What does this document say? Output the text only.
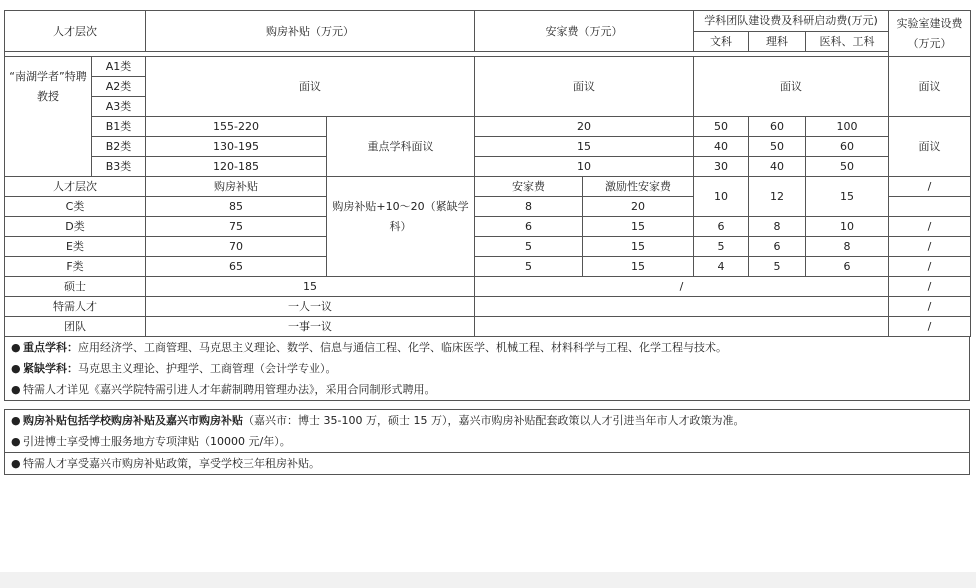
人才层次		购房补贴（万元）		安家费（万元）		学科团队建设费及科研启动费(万元)			实验室建设费（万元）
						文科	理科	医科、工科	

“南湖学者”特聘教授	A1类	面议		面议		面议			面议
	A2类								
	A3类								
	B1类	155-220	重点学科面议	20		50	60	100	面议
	B2类	130-195		15		40	50	60	
	B3类	120-185		10		30	40	50	
人才层次		购房补贴	购房补贴+10～20（紧缺学科）	安家费	激励性安家费	10	12	15	/
C类		85		8	20				
D类		75		6	15	6	8	10	/
E类		70		5	15	5	6	8	/
F类		65		5	15	4	5	6	/
硕士		15		/					/
特需人才		一人一议							/
团队		一事一议							/
● 重点学科：应用经济学、工商管理、马克思主义理论、数学、信息与通信工程、化学、临床医学、机械工程、材料科学与工程、化学工程与技术。
● 紧缺学科：马克思主义理论、护理学、工商管理（会计学专业）。
● 特需人才详见《嘉兴学院特需引进人才年薪制聘用管理办法》，采用合同制形式聘用。
● 购房补贴包括学校购房补贴及嘉兴市购房补贴（嘉兴市：博士 35-100 万，硕士 15 万），嘉兴市购房补贴配套政策以人才引进当年市人才政策为准。
● 引进博士享受博士服务地方专项津贴（10000 元/年）。
● 特需人才享受嘉兴市购房补贴政策，享受学校三年租房补贴。
